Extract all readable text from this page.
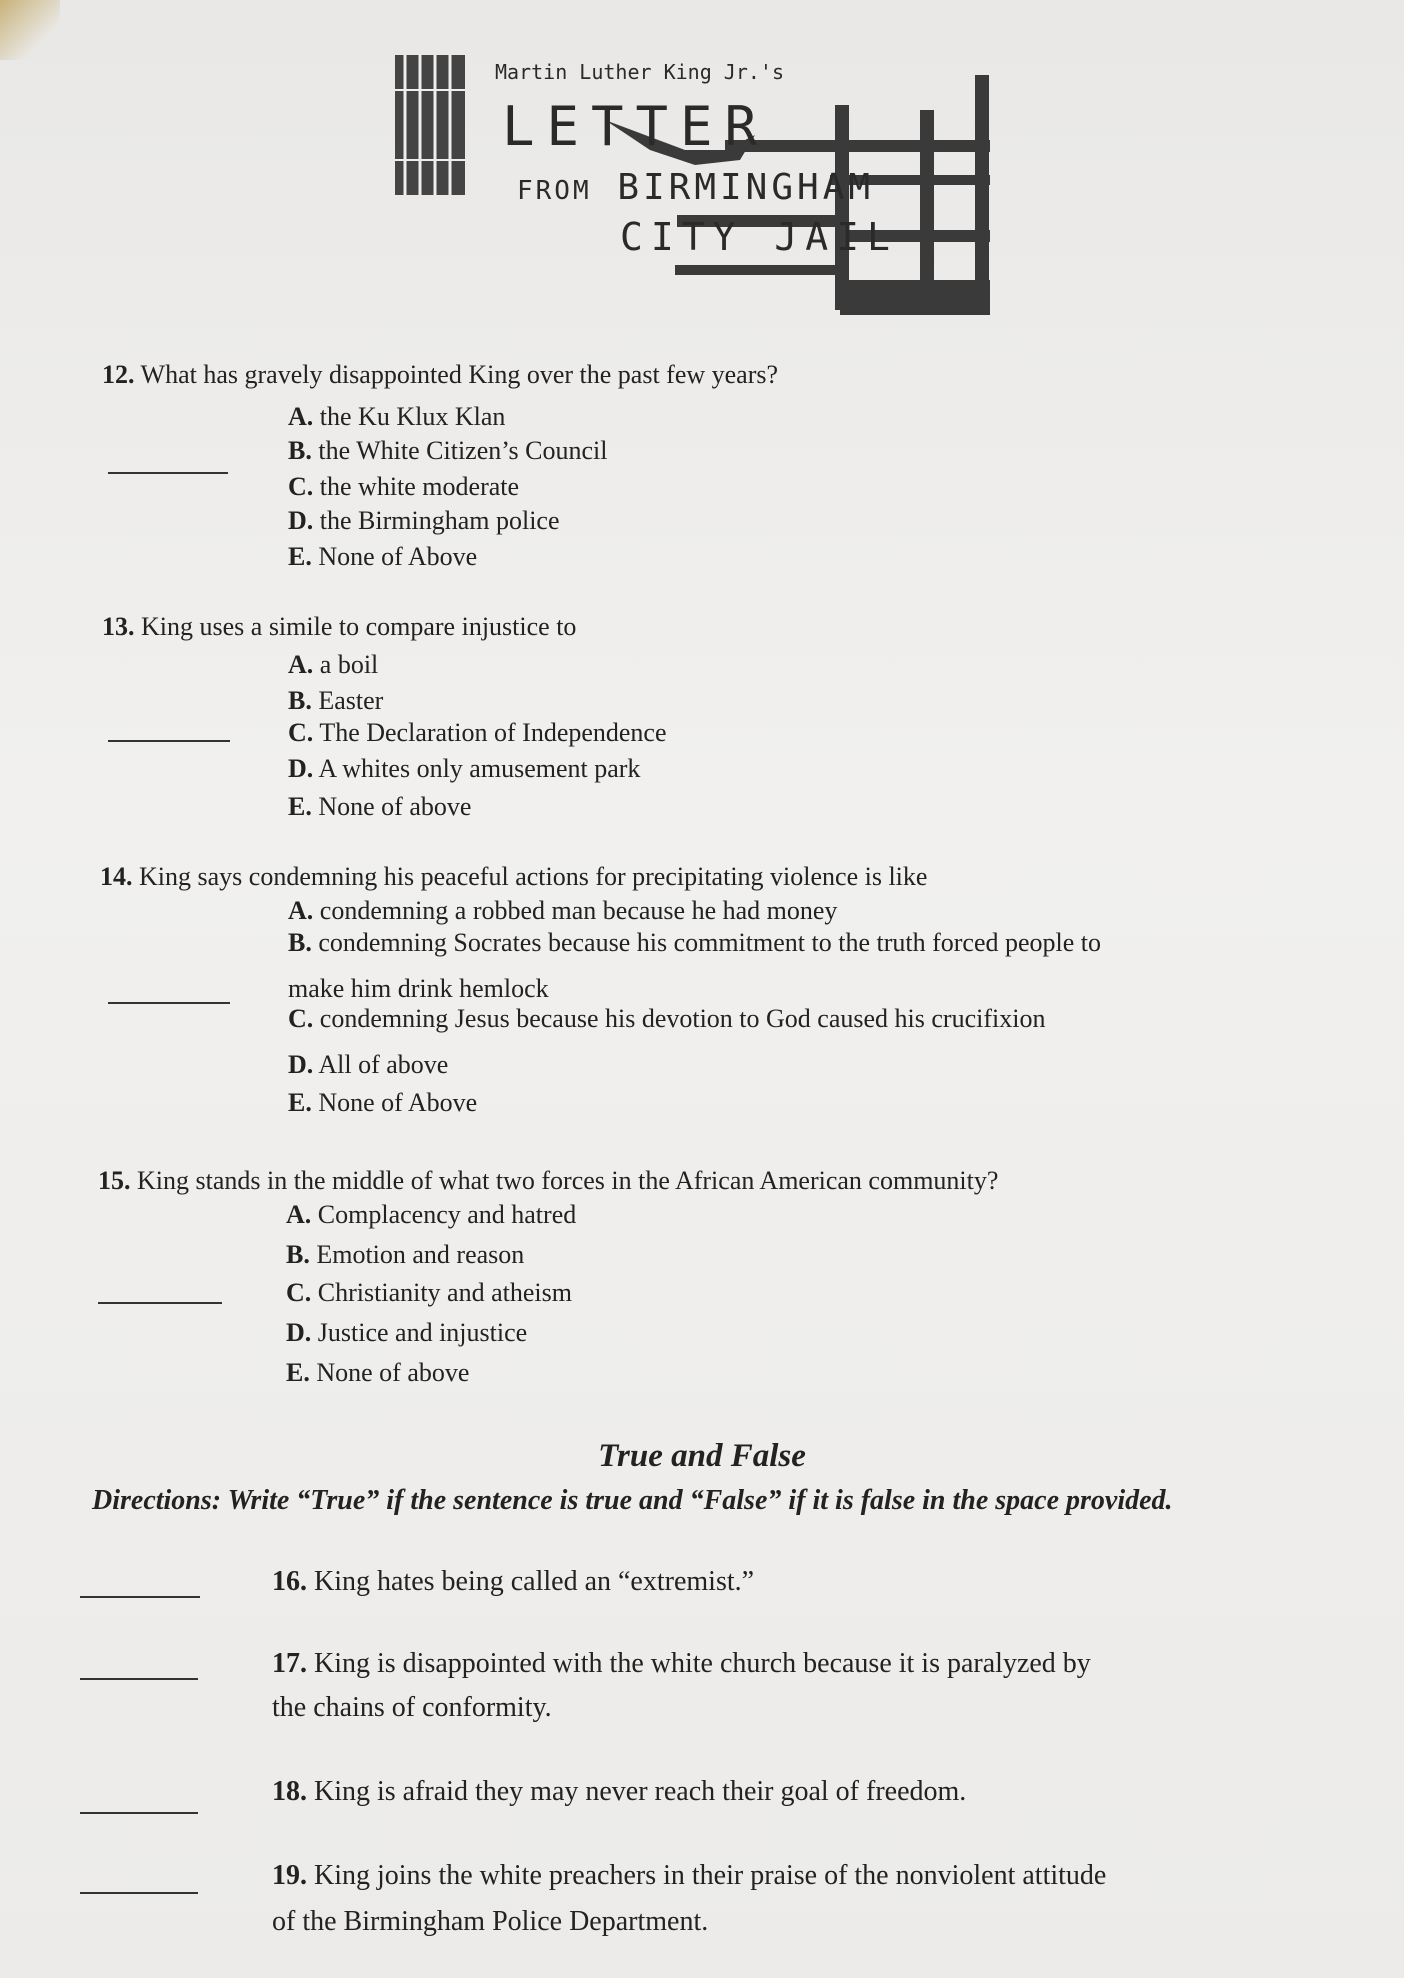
Martin Luther King Jr.'s
LETTER
FROM BIRMINGHAM
CITY JAIL
12. What has gravely disappointed King over the past few years?
A. the Ku Klux Klan
B. the White Citizen’s Council
C. the white moderate
D. the Birmingham police
E. None of Above
13. King uses a simile to compare injustice to
A. a boil
B. Easter
C. The Declaration of Independence
D. A whites only amusement park
E. None of above
14. King says condemning his peaceful actions for precipitating violence is like
A. condemning a robbed man because he had money
B. condemning Socrates because his commitment to the truth forced people to
make him drink hemlock
C. condemning Jesus because his devotion to God caused his crucifixion
D. All of above
E. None of Above
15. King stands in the middle of what two forces in the African American community?
A. Complacency and hatred
B. Emotion and reason
C. Christianity and atheism
D. Justice and injustice
E. None of above
True and False
Directions: Write “True” if the sentence is true and “False” if it is false in the space provided.
16. King hates being called an “extremist.”
17. King is disappointed with the white church because it is paralyzed by
the chains of conformity.
18. King is afraid they may never reach their goal of freedom.
19. King joins the white preachers in their praise of the nonviolent attitude
of the Birmingham Police Department.
